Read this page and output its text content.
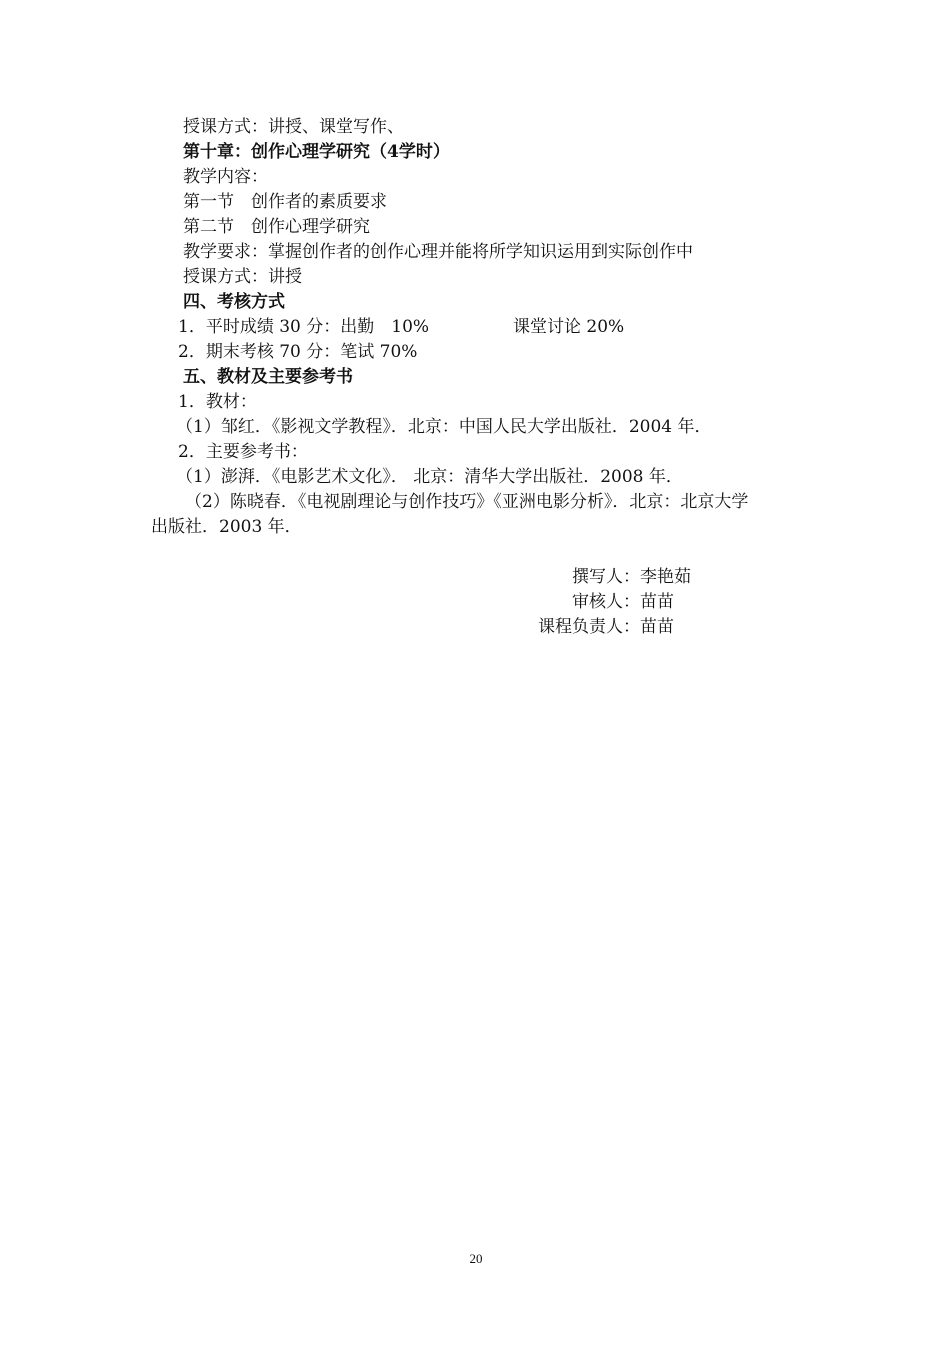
授课方式：讲授、课堂写作、
第十章：创作心理学研究（4学时）
教学内容：
第一节　创作者的素质要求
第二节　创作心理学研究
教学要求：掌握创作者的创作心理并能将所学知识运用到实际创作中
授课方式：讲授
四、考核方式
1．平时成绩 30 分：出勤　10%	课堂讨论 20%
2．期末考核 70 分：笔试 70%
五、教材及主要参考书
1．教材：
（1）邹红．《影视文学教程》．北京：中国人民大学出版社．2004 年．
2．主要参考书：
（1）澎湃．《电影艺术文化》． 北京：清华大学出版社．2008 年．
（2）陈晓春．《电视剧理论与创作技巧》《亚洲电影分析》．北京：北京大学
出版社．2003 年．
撰写人：李艳茹
审核人：苗苗
课程负责人：苗苗
20
